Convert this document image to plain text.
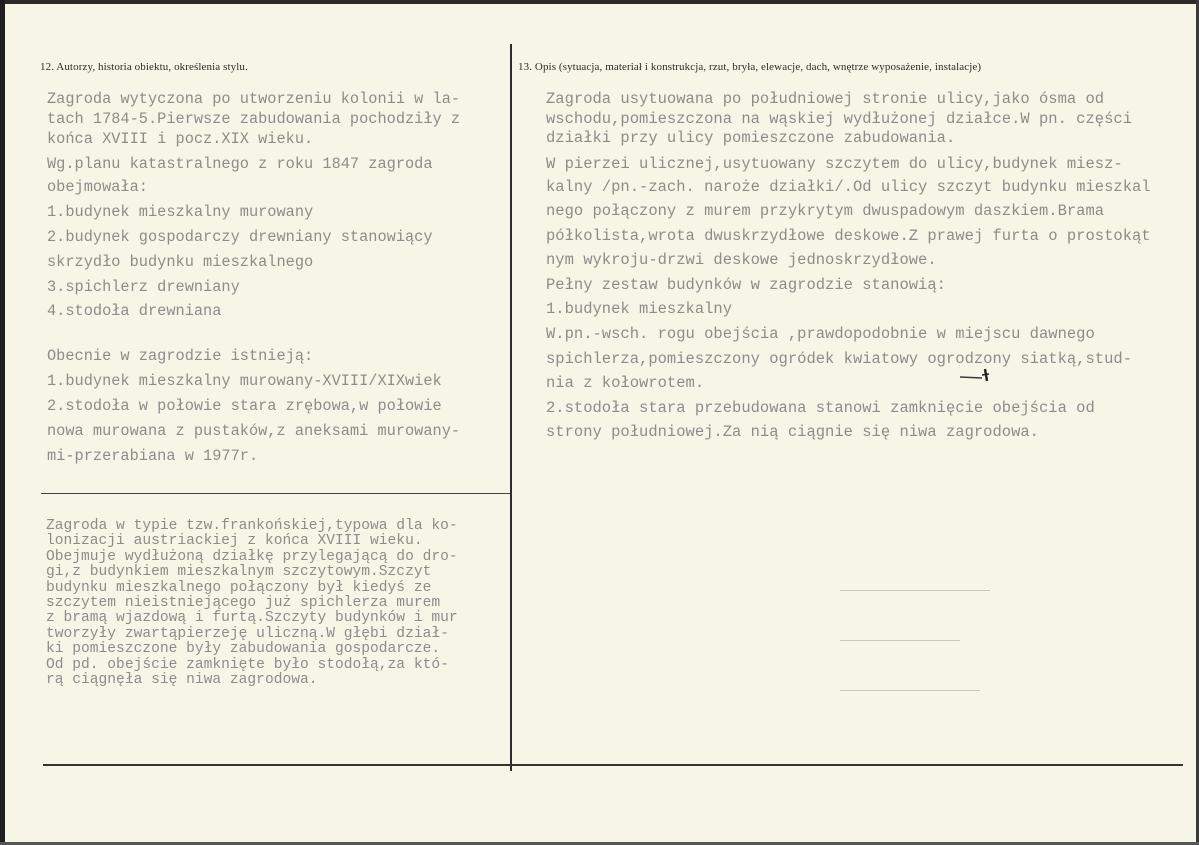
12. Autorzy, historia obiektu, określenia stylu.	13. Opis (sytuacja, materiał i konstrukcja, rzut, bryła, elewacje, dach, wnętrze wyposażenie, instalacje)
Zagroda wytyczona po utworzeniu kolonii w la-
tach 1784-5.Pierwsze zabudowania pochodziły z
końca XVIII i pocz.XIX wieku.
Wg.planu katastralnego z roku 1847 zagroda
obejmowała:
1.budynek mieszkalny murowany
2.budynek gospodarczy drewniany stanowiący
skrzydło budynku mieszkalnego
3.spichlerz drewniany
4.stodoła drewniana
Obecnie w zagrodzie istnieją:
1.budynek mieszkalny murowany-XVIII/XIXwiek
2.stodoła w połowie stara zrębowa,w połowie
nowa murowana z pustaków,z aneksami murowany-
mi-przerabiana w 1977r.
Zagroda w typie tzw.frankońskiej,typowa dla ko-
lonizacji austriackiej z końca XVIII wieku.
Obejmuje wydłużoną działkę przylegającą do dro-
gi,z budynkiem mieszkalnym szczytowym.Szczyt
budynku mieszkalnego połączony był kiedyś ze
szczytem nieistniejącego już spichlerza murem
z bramą wjazdową i furtą.Szczyty budynków i mur
tworzyły zwartąpierzeję uliczną.W głębi dział-
ki pomieszczone były zabudowania gospodarcze.
Od pd. obejście zamknięte było stodołą,za któ-
rą ciągnęła się niwa zagrodowa.
Zagroda usytuowana po południowej stronie ulicy,jako ósma od
wschodu,pomieszczona na wąskiej wydłużonej działce.W pn. części
działki przy ulicy pomieszczone zabudowania.
W pierzei ulicznej,usytuowany szczytem do ulicy,budynek miesz-
kalny /pn.-zach. naroże działki/.Od ulicy szczyt budynku mieszkal
nego połączony z murem przykrytym dwuspadowym daszkiem.Brama
półkolista,wrota dwuskrzydłowe deskowe.Z prawej furta o prostokąt
nym wykroju-drzwi deskowe jednoskrzydłowe.
Pełny zestaw budynków w zagrodzie stanowią:
1.budynek mieszkalny
W.pn.-wsch. rogu obejścia ,prawdopodobnie w miejscu dawnego
spichlerza,pomieszczony ogródek kwiatowy ogrodzony siatką,stud-
nia z kołowrotem.
2.stodoła stara przebudowana stanowi zamknięcie obejścia od
strony południowej.Za nią ciągnie się niwa zagrodowa.
